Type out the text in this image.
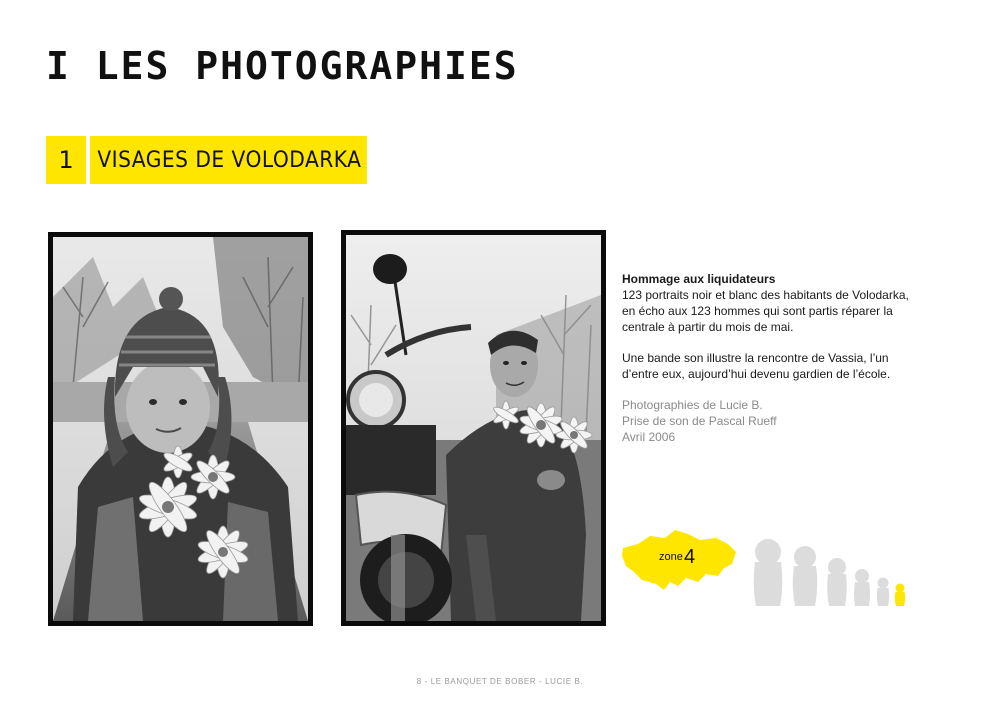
I LES PHOTOGRAPHIES
1	VISAGES DE VOLODARKA

Hommage aux liquidateurs

123 portraits noir et blanc des habitants de Volodarka,

en écho aux 123 hommes qui sont partis réparer la

centrale à partir du mois de mai.

Une bande son illustre la rencontre de Vassia, l’un

d’entre eux, aujourd’hui devenu gardien de l’école.

Photographies de Lucie B.

Prise de son de Pascal Rueff

Avril 2006

zone 4
8 - LE BANQUET DE BOBER - LUCIE B.
